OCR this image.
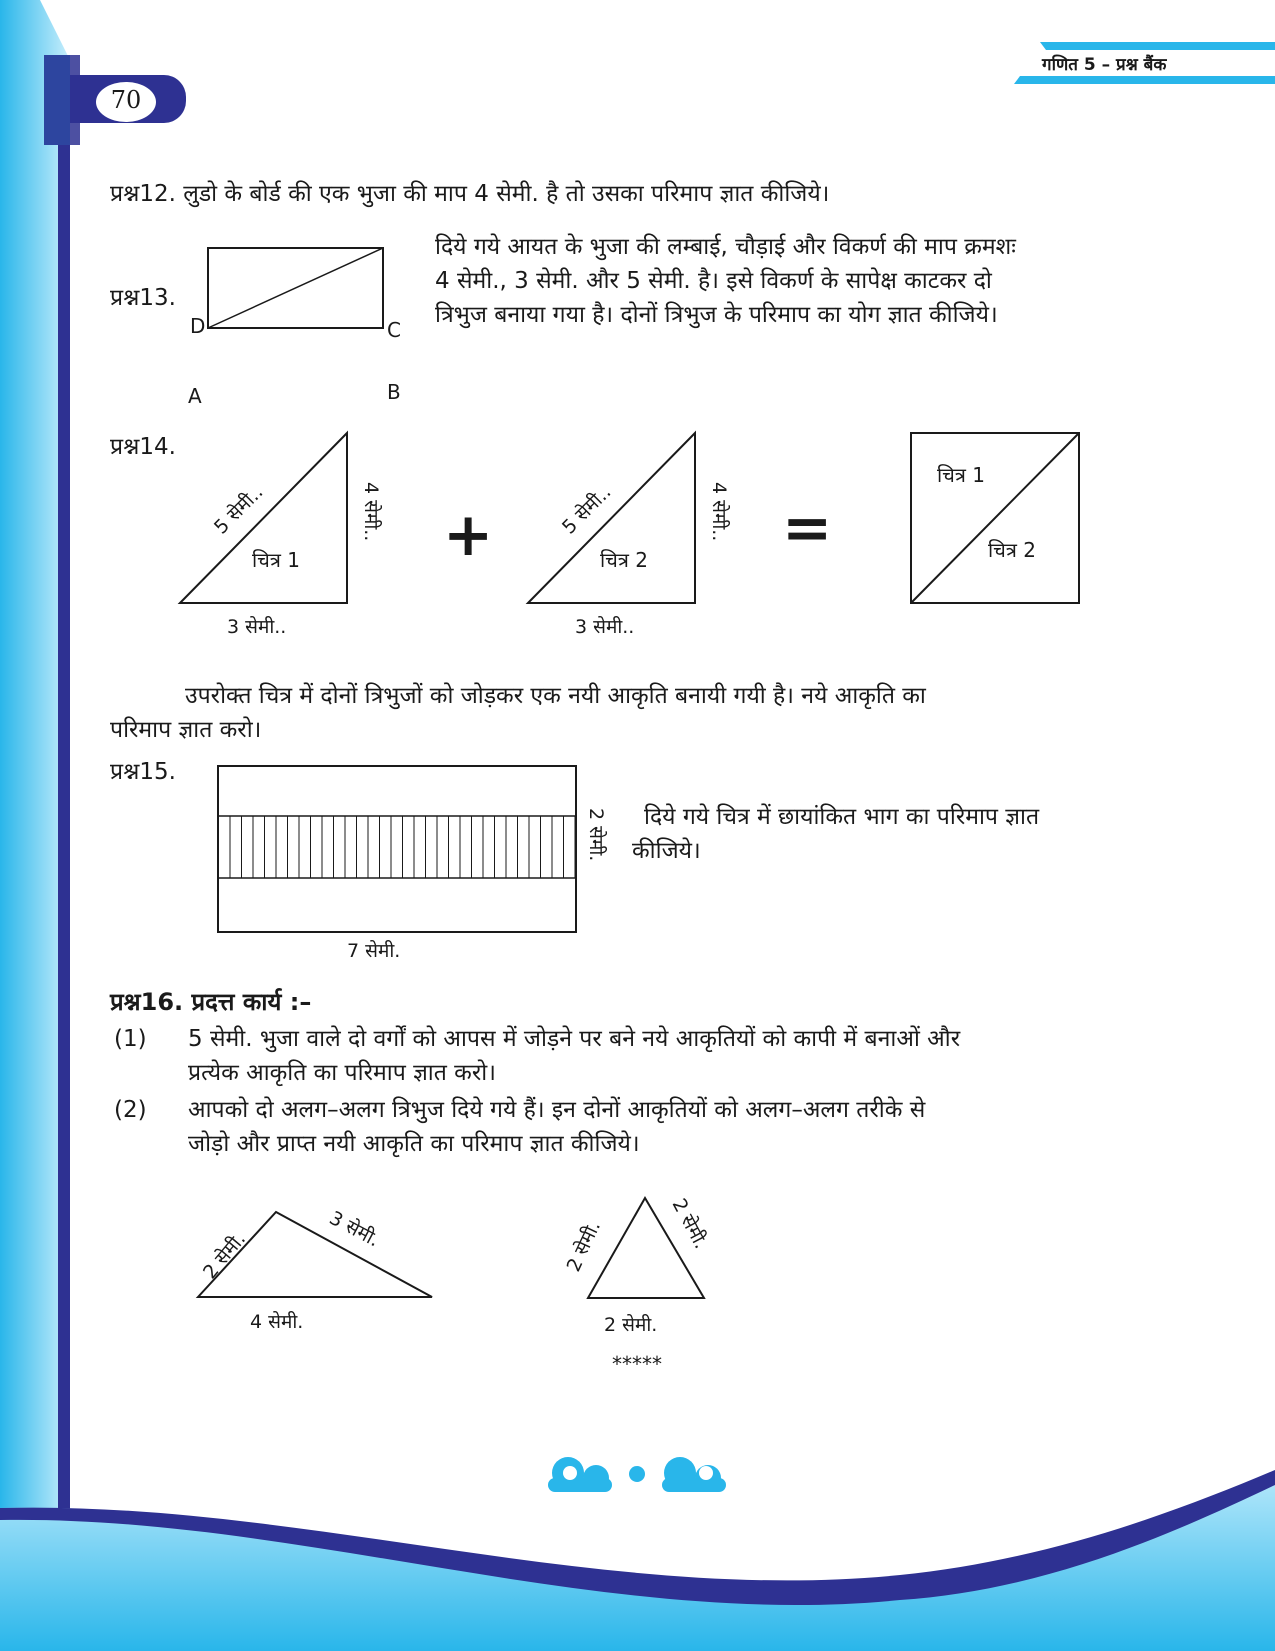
70
गणित 5 – प्रश्न बैंक
प्रश्न12. लुडो के बोर्ड की एक भुजा की माप 4 सेमी. है तो उसका परिमाप ज्ञात कीजिये।
प्रश्न13.
D	C
A	B
दिये गये आयत के भुजा की लम्बाई, चौड़ाई और विकर्ण की माप क्रमशः
4 सेमी., 3 सेमी. और 5 सेमी. है। इसे विकर्ण के सापेक्ष काटकर दो
त्रिभुज बनाया गया है। दोनों त्रिभुज के परिमाप का योग ज्ञात कीजिये।
प्रश्न14.
5 सेमी..	4 सेमी..
चित्र 1
3 सेमी..
+	5 सेमी..	4 सेमी..
चित्र 2
3 सेमी..
=
चित्र 1
चित्र 2
उपरोक्त चित्र में दोनों त्रिभुजों को जोड़कर एक नयी आकृति बनायी गयी है। नये आकृति का
परिमाप ज्ञात करो।
प्रश्न15.
2 सेमी.
7 सेमी.
दिये गये चित्र में छायांकित भाग का परिमाप ज्ञात
कीजिये।
प्रश्न16. प्रदत्त कार्य :–
(1) 5 सेमी. भुजा वाले दो वर्गों को आपस में जोड़ने पर बने नये आकृतियों को कापी में बनाओं और
प्रत्येक आकृति का परिमाप ज्ञात करो।
(2) आपको दो अलग–अलग त्रिभुज दिये गये हैं। इन दोनों आकृतियों को अलग–अलग तरीके से
जोड़ो और प्राप्त नयी आकृति का परिमाप ज्ञात कीजिये।
2 सेमी.	3 सेमी.
4 सेमी.
2 सेमी.	2 सेमी.
2 सेमी.
*****
